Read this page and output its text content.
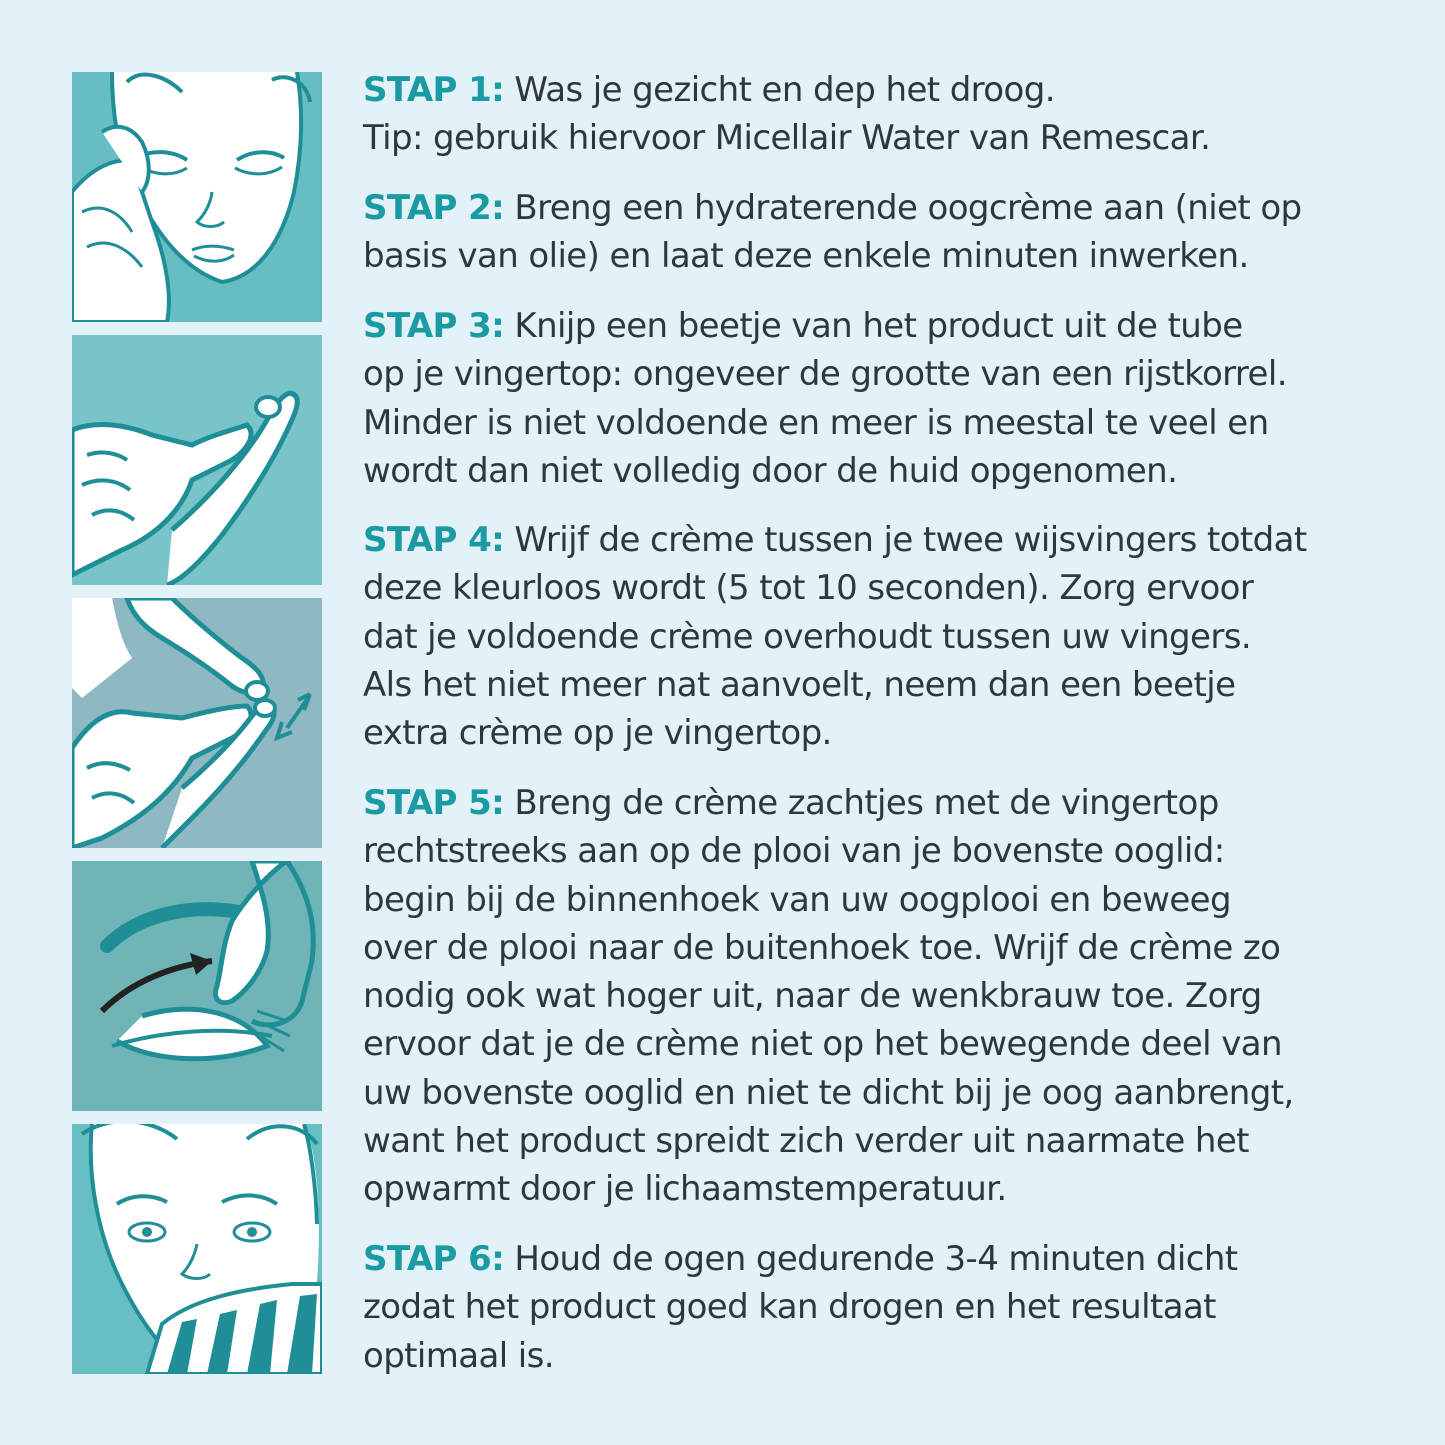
STAP 1: Was je gezicht en dep het droog.
Tip: gebruik hiervoor Micellair Water van Remescar.
STAP 2: Breng een hydraterende oogcrème aan (niet op
basis van olie) en laat deze enkele minuten inwerken.
STAP 3: Knijp een beetje van het product uit de tube
op je vingertop: ongeveer de grootte van een rijstkorrel.
Minder is niet voldoende en meer is meestal te veel en
wordt dan niet volledig door de huid opgenomen.
STAP 4: Wrijf de crème tussen je twee wijsvingers totdat
deze kleurloos wordt (5 tot 10 seconden). Zorg ervoor
dat je voldoende crème overhoudt tussen uw vingers.
Als het niet meer nat aanvoelt, neem dan een beetje
extra crème op je vingertop.
STAP 5: Breng de crème zachtjes met de vingertop
rechtstreeks aan op de plooi van je bovenste ooglid:
begin bij de binnenhoek van uw oogplooi en beweeg
over de plooi naar de buitenhoek toe. Wrijf de crème zo
nodig ook wat hoger uit, naar de wenkbrauw toe. Zorg
ervoor dat je de crème niet op het bewegende deel van
uw bovenste ooglid en niet te dicht bij je oog aanbrengt,
want het product spreidt zich verder uit naarmate het
opwarmt door je lichaamstemperatuur.
STAP 6: Houd de ogen gedurende 3-4 minuten dicht
zodat het product goed kan drogen en het resultaat
optimaal is.
